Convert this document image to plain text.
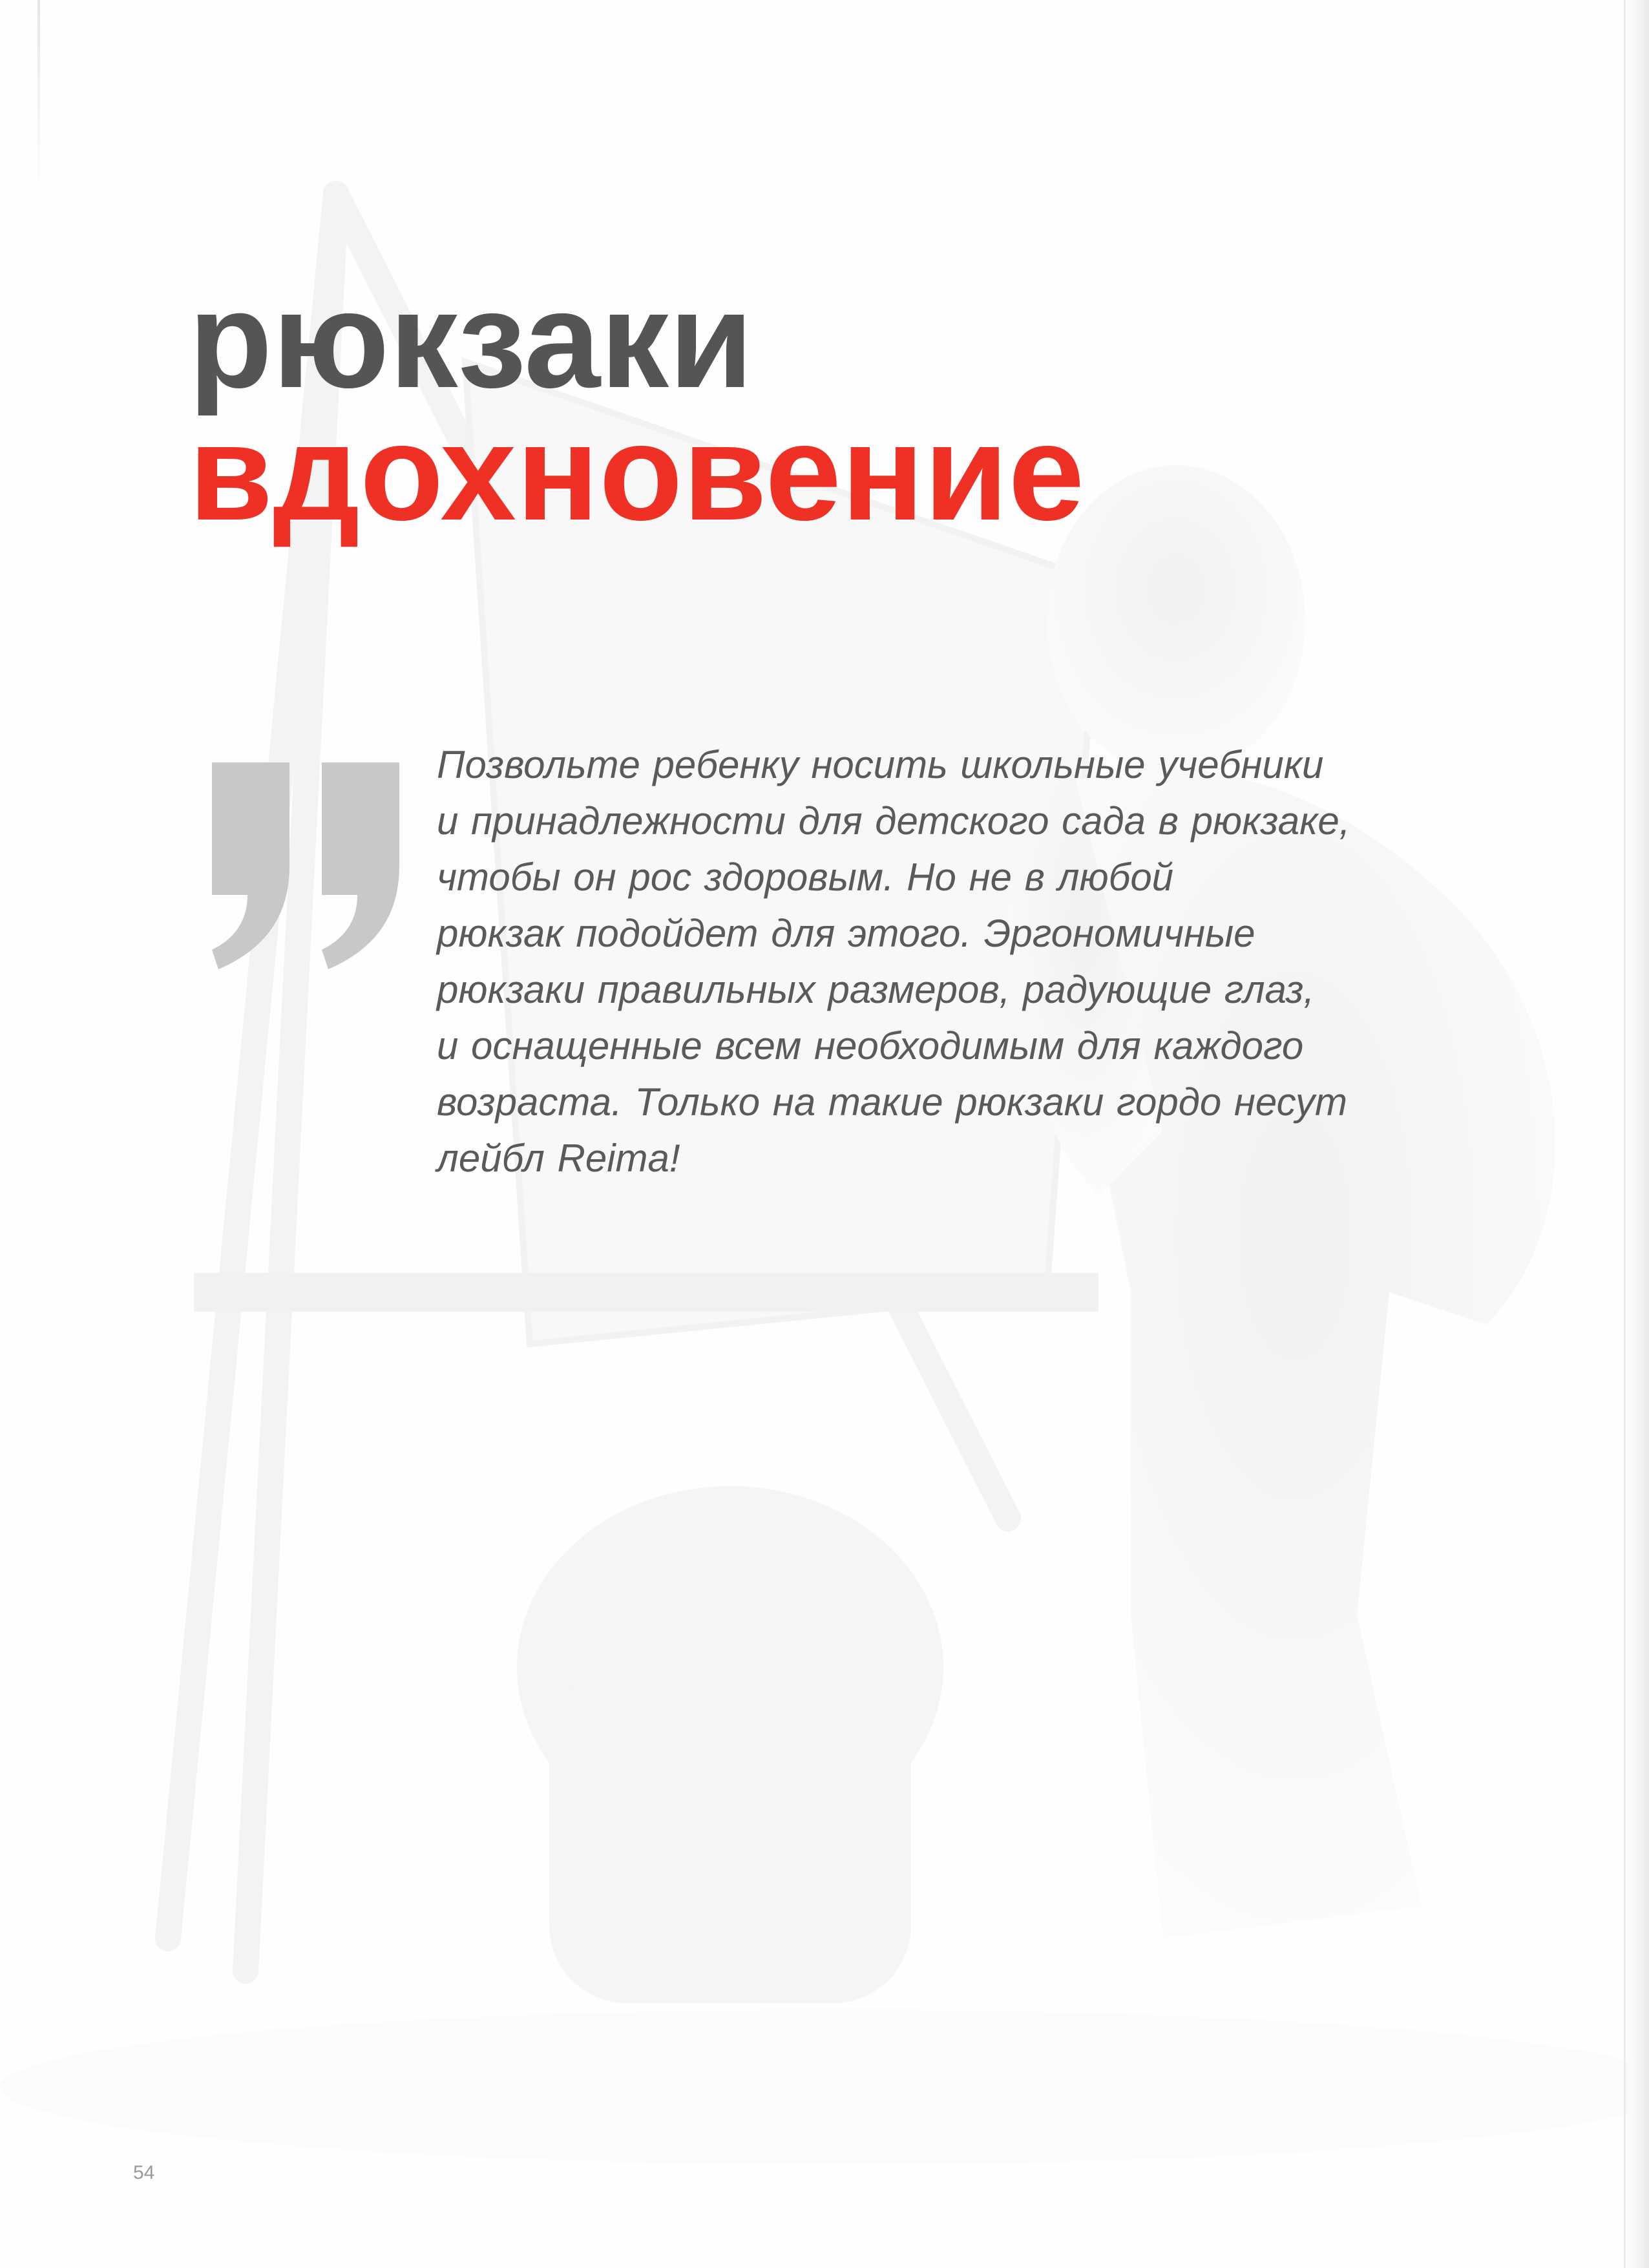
рюкзаки
вдохновение
Позвольте ребенку носить школьные учебники
и принадлежности для детского сада в рюкзаке,
чтобы он рос здоровым. Но не в любой
рюкзак подойдет для этого. Эргономичные
рюкзаки правильных размеров, радующие глаз,
и оснащенные всем необходимым для каждого
возраста. Только на такие рюкзаки гордо несут
лейбл Reima!
54
